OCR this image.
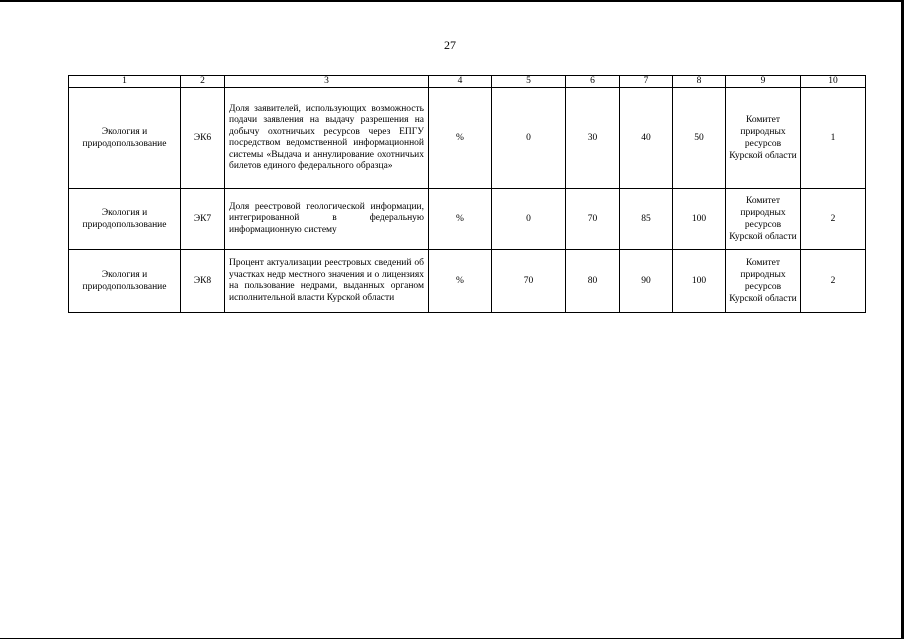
27
1	2	3	4	5	6	7	8	9	10
Экология и природопользование	ЭК6	Доля заявителей, использующих возможность подачи заявления на выдачу разрешения на добычу охотничьих ресурсов через ЕПГУ посредством ведомственной информационной системы «Выдача и аннулирование охотничьих билетов единого федерального образца»	%	0	30	40	50	Комитет природных ресурсов Курской области	1
Экология и природопользование	ЭК7	Доля реестровой геологической информации, интегрированной в федеральную информационную систему	%	0	70	85	100	Комитет природных ресурсов Курской области	2
Экология и природопользование	ЭК8	Процент актуализации реестровых сведений об участках недр местного значения и о лицензиях на пользование недрами, выданных органом исполнительной власти Курской области	%	70	80	90	100	Комитет природных ресурсов Курской области	2
